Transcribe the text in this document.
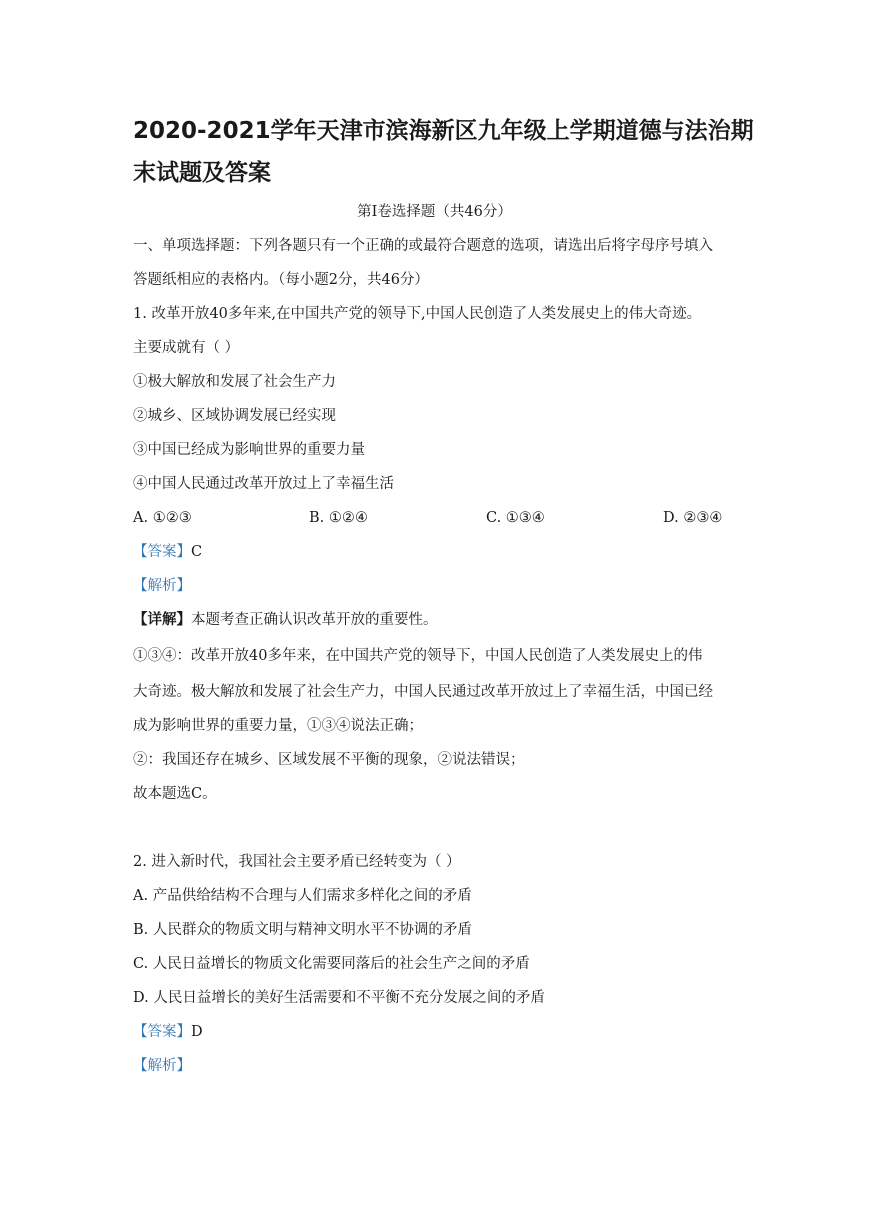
2020-2021学年天津市滨海新区九年级上学期道德与法治期
末试题及答案
第Ⅰ卷选择题（共46分）
一、单项选择题：下列各题只有一个正确的或最符合题意的选项，请选出后将字母序号填入
答题纸相应的表格内。（每小题2分，共46分）
1. 改革开放40多年来,在中国共产党的领导下,中国人民创造了人类发展史上的伟大奇迹。
主要成就有（ ）
①极大解放和发展了社会生产力
②城乡、区域协调发展已经实现
③中国已经成为影响世界的重要力量
④中国人民通过改革开放过上了幸福生活
A. ①②③	B. ①②④	C. ①③④	D. ②③④
【答案】C
【解析】
【详解】本题考查正确认识改革开放的重要性。
①③④：改革开放40多年来，在中国共产党的领导下，中国人民创造了人类发展史上的伟
大奇迹。极大解放和发展了社会生产力，中国人民通过改革开放过上了幸福生活，中国已经
成为影响世界的重要力量，①③④说法正确；
②：我国还存在城乡、区域发展不平衡的现象，②说法错误；
故本题选C。
2. 进入新时代，我国社会主要矛盾已经转变为（ ）
A. 产品供给结构不合理与人们需求多样化之间的矛盾
B. 人民群众的物质文明与精神文明水平不协调的矛盾
C. 人民日益增长的物质文化需要同落后的社会生产之间的矛盾
D. 人民日益增长的美好生活需要和不平衡不充分发展之间的矛盾
【答案】D
【解析】
